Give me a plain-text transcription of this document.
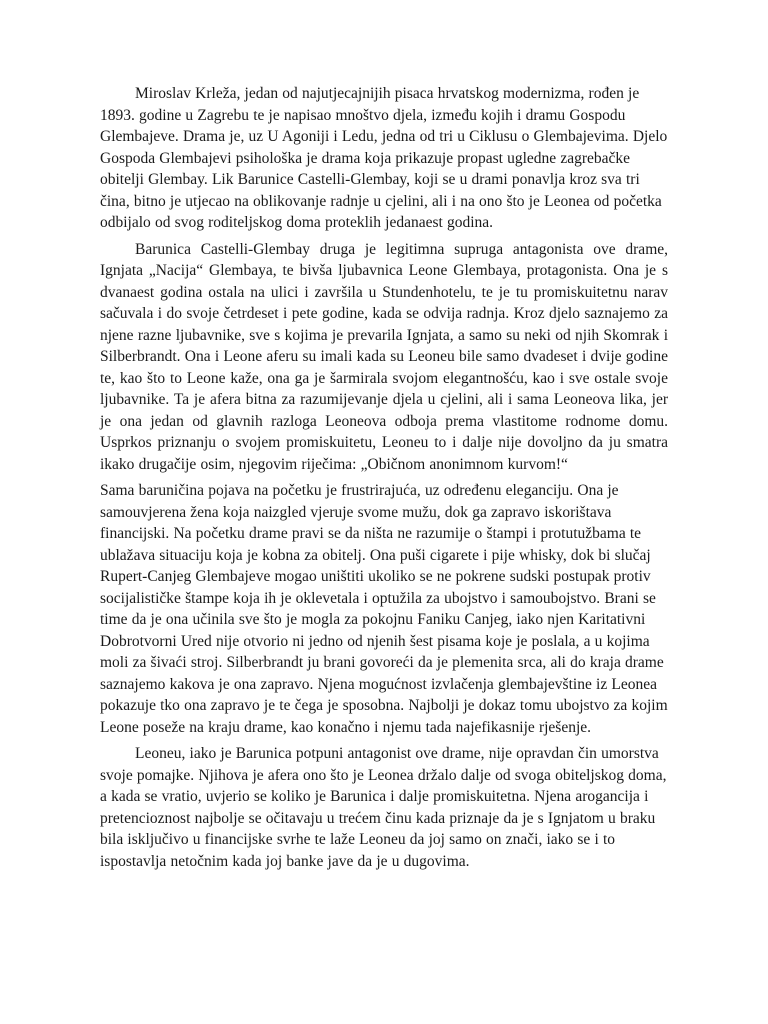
Miroslav Krleža, jedan od najutjecajnijih pisaca hrvatskog modernizma, rođen je 1893. godine u Zagrebu te je napisao mnoštvo djela, između kojih i dramu Gospodu Glembajeve. Drama je, uz U Agoniji i Ledu, jedna od tri u Ciklusu o Glembajevima. Djelo Gospoda Glembajevi psihološka je drama koja prikazuje propast ugledne zagrebačke obitelji Glembay. Lik Barunice Castelli-Glembay, koji se u drami ponavlja kroz sva tri čina, bitno je utjecao na oblikovanje radnje u cjelini, ali i na ono što je Leonea od početka odbijalo od svog roditeljskog doma proteklih jedanaest godina.

Barunica Castelli-Glembay druga je legitimna supruga antagonista ove drame, Ignjata „Nacija“ Glembaya, te bivša ljubavnica Leone Glembaya, protagonista. Ona je s dvanaest godina ostala na ulici i završila u Stundenhotelu, te je tu promiskuitetnu narav sačuvala i do svoje četrdeset i pete godine, kada se odvija radnja. Kroz djelo saznajemo za njene razne ljubavnike, sve s kojima je prevarila Ignjata, a samo su neki od njih Skomrak i Silberbrandt. Ona i Leone aferu su imali kada su Leoneu bile samo dvadeset i dvije godine te, kao što to Leone kaže, ona ga je šarmirala svojom elegantnošću, kao i sve ostale svoje ljubavnike. Ta je afera bitna za razumijevanje djela u cjelini, ali i sama Leoneova lika, jer je ona jedan od glavnih razloga Leoneova odboja prema vlastitome rodnome domu. Usprkos priznanju o svojem promiskuitetu, Leoneu to i dalje nije dovoljno da ju smatra ikako drugačije osim, njegovim riječima: „Običnom anonimnom kurvom!“

Sama baruničina pojava na početku je frustrirajuća, uz određenu eleganciju. Ona je samouvjerena žena koja naizgled vjeruje svome mužu, dok ga zapravo iskorištava financijski. Na početku drame pravi se da ništa ne razumije o štampi i protutužbama te ublažava situaciju koja je kobna za obitelj. Ona puši cigarete i pije whisky, dok bi slučaj Rupert-Canjeg Glembajeve mogao uništiti ukoliko se ne pokrene sudski postupak protiv socijalističke štampe koja ih je oklevetala i optužila za ubojstvo i samoubojstvo. Brani se time da je ona učinila sve što je mogla za pokojnu Faniku Canjeg, iako njen Karitativni Dobrotvorni Ured nije otvorio ni jedno od njenih šest pisama koje je poslala, a u kojima moli za šivaći stroj. Silberbrandt ju brani govoreći da je plemenita srca, ali do kraja drame saznajemo kakova je ona zapravo. Njena mogućnost izvlačenja glembajevštine iz Leonea pokazuje tko ona zapravo je te čega je sposobna. Najbolji je dokaz tomu ubojstvo za kojim Leone poseže na kraju drame, kao konačno i njemu tada najefikasnije rješenje.

Leoneu, iako je Barunica potpuni antagonist ove drame, nije opravdan čin umorstva svoje pomajke. Njihova je afera ono što je Leonea držalo dalje od svoga obiteljskog doma, a kada se vratio, uvjerio se koliko je Barunica i dalje promiskuitetna. Njena arogancija i pretencioznost najbolje se očitavaju u trećem činu kada priznaje da je s Ignjatom u braku bila isključivo u financijske svrhe te laže Leoneu da joj samo on znači, iako se i to ispostavlja netočnim kada joj banke jave da je u dugovima.
